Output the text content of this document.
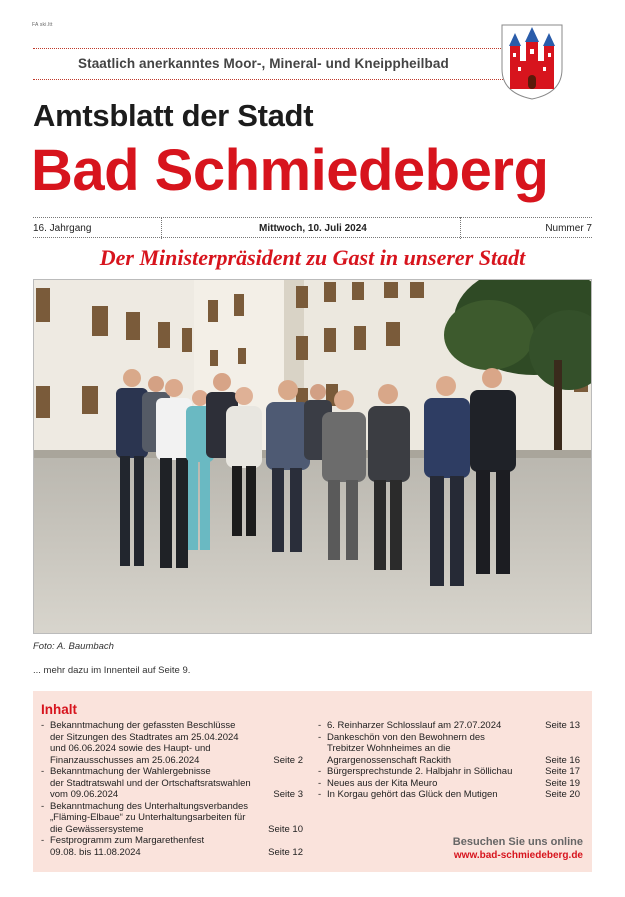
FA ski.ltt
Staatlich anerkanntes Moor-, Mineral- und Kneippheilbad
Amtsblatt der Stadt
Bad Schmiedeberg
16. Jahrgang	Mittwoch, 10. Juli 2024	Nummer 7
Der Ministerpräsident zu Gast in unserer Stadt
Foto: A. Baumbach
... mehr dazu im Innenteil auf Seite 9.
Inhalt
- Bekanntmachung der gefassten Beschlüsse
der Sitzungen des Stadtrates am 25.04.2024
und 06.06.2024 sowie des Haupt- und
Finanzausschusses am 25.06.2024	Seite 2
- Bekanntmachung der Wahlergebnisse
der Stadtratswahl und der Ortschaftsratswahlen
vom 09.06.2024	Seite 3
- Bekanntmachung des Unterhaltungsverbandes
„Fläming-Elbaue“ zu Unterhaltungsarbeiten für
die Gewässersysteme	Seite 10
- Festprogramm zum Margarethenfest
09.08. bis 11.08.2024	Seite 12
- 6. Reinharzer Schlosslauf am 27.07.2024	Seite 13
- Dankeschön von den Bewohnern des
Trebitzer Wohnheimes an die
Agrargenossenschaft Rackith	Seite 16
- Bürgersprechstunde 2. Halbjahr in Söllichau	Seite 17
- Neues aus der Kita Meuro	Seite 19
- In Korgau gehört das Glück den Mutigen	Seite 20
Besuchen Sie uns online
www.bad-schmiedeberg.de
